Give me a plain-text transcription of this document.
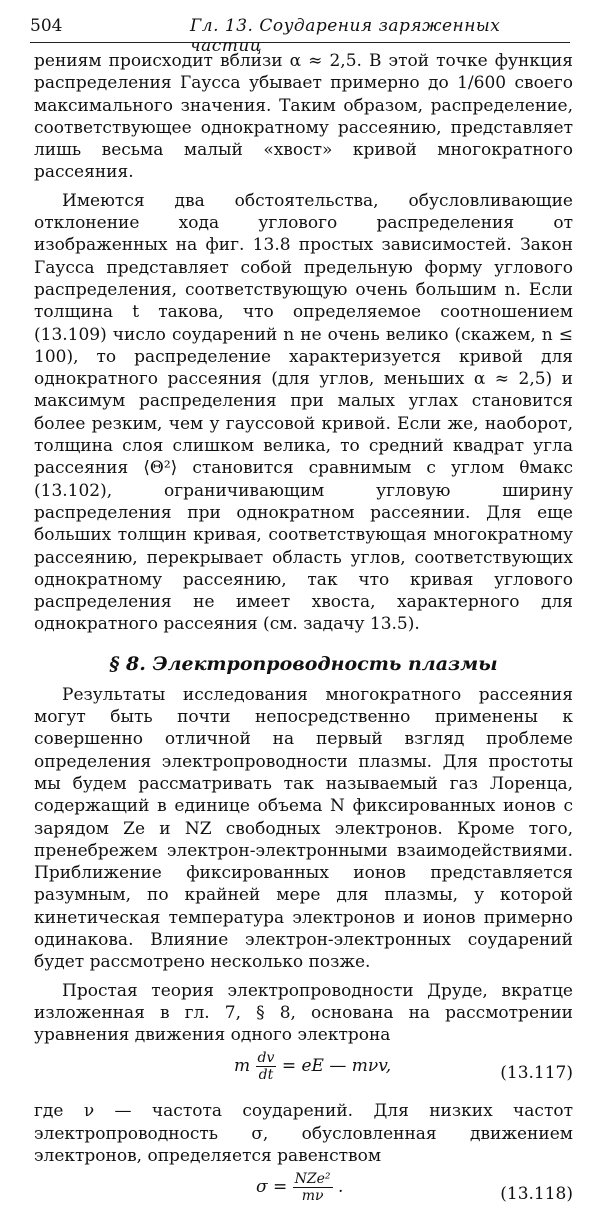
504	Гл. 13. Соударения заряженных частиц

рениям происходит вблизи α ≈ 2,5. В этой точке функция распределения Гаусса убывает примерно до 1/600 своего максимального значения. Таким образом, распределение, соответствующее однократному рассеянию, представляет лишь весьма малый «хвост» кривой многократного рассеяния.

Имеются два обстоятельства, обусловливающие отклонение хода углового распределения от изображенных на фиг. 13.8 простых зависимостей. Закон Гаусса представляет собой предельную форму углового распределения, соответствующую очень большим n. Если толщина t такова, что определяемое соотношением (13.109) число соударений n не очень велико (скажем, n ≤ 100), то распределение характеризуется кривой для однократного рассеяния (для углов, меньших α ≈ 2,5) и максимум распределения при малых углах становится более резким, чем у гауссовой кривой. Если же, наоборот, толщина слоя слишком велика, то средний квадрат угла рассеяния ⟨Θ²⟩ становится сравнимым с углом θмакс (13.102), ограничивающим угловую ширину распределения при однократном рассеянии. Для еще больших толщин кривая, соответствующая многократному рассеянию, перекрывает область углов, соответствующих однократному рассеянию, так что кривая углового распределения не имеет хвоста, характерного для однократного рассеяния (см. задачу 13.5).

§ 8. Электропроводность плазмы

Результаты исследования многократного рассеяния могут быть почти непосредственно применены к совершенно отличной на первый взгляд проблеме определения электропроводности плазмы. Для простоты мы будем рассматривать так называемый газ Лоренца, содержащий в единице объема N фиксированных ионов с зарядом Ze и NZ свободных электронов. Кроме того, пренебрежем электрон-электронными взаимодействиями. Приближение фиксированных ионов представляется разумным, по крайней мере для плазмы, у которой кинетическая температура электронов и ионов примерно одинакова. Влияние электрон-электронных соударений будет рассмотрено несколько позже.

Простая теория электропроводности Друде, вкратце изложенная в гл. 7, § 8, основана на рассмотрении уравнения движения одного электрона

m $\frac{dv}{dt}$ = eE — mνv,	(13.117)

где ν — частота соударений. Для низких частот электропроводность σ, обусловленная движением электронов, определяется равенством

$\sigma = \frac{\text{NZe²}}{m\nu}$ .	(13.118)
